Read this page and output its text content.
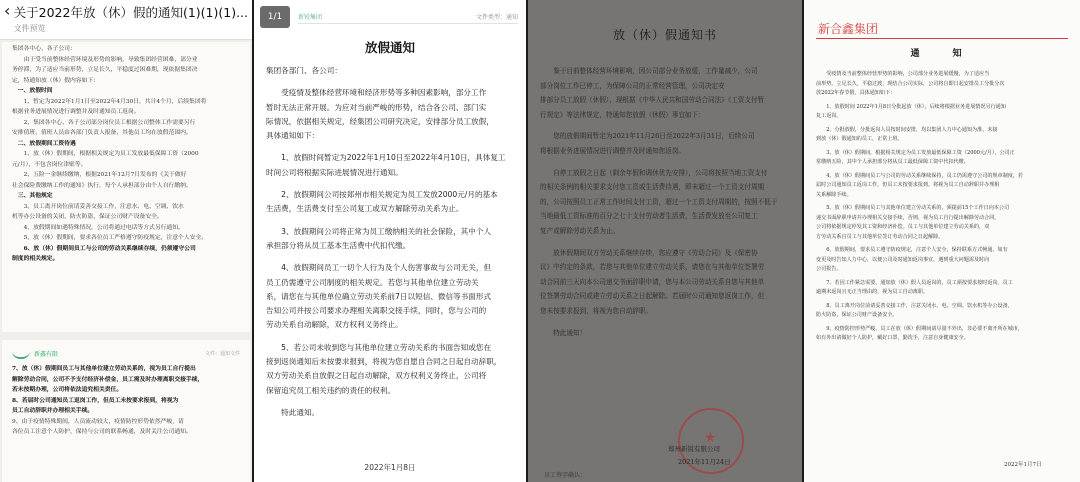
‹ 关于2022年放（休）假的通知(1)(1)(1)...
文件预览
集团各中心、各子公司：
　　由于受当前整体经营环境及形势的影响，导致集团经营困难，部分业
务停滞，为了适应当前形势，立足长久，平稳度过困难期，现依据集团决
定，特通知放（休）假内容如下：
　一、放假时间
　　1、暂定为2022年1月1日至2022年4月30日，共计4个月，后续集团将
根据业务进展情况进行调整并及时通知员工返岗。
　　2、集团各中心、各子公司部分岗位员工根据公司整体工作需要另行
安排值班，值班人员由各部门负责人报备，其他员工均在放假范围内。
　二、放假期间工资待遇
　　1、放（休）假期间，根据相关规定为员工发放最低保障工资（2000
元/月），不包含岗位津贴等。
　　2、五险一金继续缴纳，根据2021年12月7日发布的《关于做好
社会保险费缴纳工作的通知》执行，每个人承担部分由个人自行缴纳。
　三、其他规定
　　3、员工离开岗位前请妥善交接工作，注意水、电、空调、饮水
机等办公设备的关闭，防火防盗，保证公司财产设备安全。
　　4、放假期间如遇特殊情况，公司将通过电话等方式另行通知。
　　5、放（休）假期间，要求各位员工严格遵守防疫规定，注意个人安全。
　　6、放（休）假期间员工与公司的劳动关系继续存续，仍须遵守公司
制度的相关规定。
新鑫有限	文件：通知文件
7、放（休）假期间员工与其他单位建立劳动关系的，视为员工自行提出
解除劳动合同，公司不予支付经济补偿金，员工需及时办理离职交接手续，
若未按期办理，公司将依法追究相关责任。
8、若届时公司通知员工返岗工作，但员工未按要求报到，将视为
员工自动辞职并办理相关手续。
9、由于疫情特殊期间，人员流动较大，疫情防控形势依然严峻，请
各位员工注意个人防护，保持与公司的联系畅通，及时关注公司通知。
1/1	新锐集团	文件类型：通知
放假通知
集团各部门、各公司：
　　受疫情及整体经营环境和经济形势等多种因素影响，部分工作
暂时无法正常开展。为应对当前严峻的形势，结合各公司、部门实
际情况，依据相关规定，经集团公司研究决定，安排部分员工放假，
具体通知如下：
　　1、放假时间暂定为2022年1月10日至2022年4月10日，具体复工
时间公司将根据实际进展情况进行通知。
　　2、放假期间公司按郑州市相关规定为员工发放2000元/月的基本
生活费，生活费支付至公司复工或双方解除劳动关系为止。
　　3、放假期间公司将正常为员工缴纳相关的社会保险，其中个人
承担部分将从员工基本生活费中代扣代缴。
　　4、放假期间员工一切个人行为及个人伤害事故与公司无关，但
员工仍需遵守公司制度的相关规定。若您与其他单位建立劳动关
系，请您在与其他单位确立劳动关系前7日以短信、微信等书面形式
告知公司并按公司要求办理相关离职交接手续，同时，您与公司的
劳动关系自动解除，双方权利义务终止。
　　5、若公司未收到您与其他单位建立劳动关系的书面告知或您在
接到返岗通知后未按要求报到，将视为您自愿自合同之日起自动辞职，
双方劳动关系自放假之日起自动解除，双方权利义务终止，公司将
保留追究员工相关违约的责任的权利。
　　特此通知。
2022年1月8日
放（休）假通知书
　　鉴于目前整体经营环境影响，因公司部分业务放缓，工作量减少，公司
部分岗位工作已停工，为保障公司的正常经营管理，公司决定安
排部分员工放假（休假），现根据《中华人民共和国劳动合同法》《工资支付暂
行规定》等法律规定，特通知您放假（休假）事宜如下：
　　您的放假期间暂定为2021年11月26日至2022年3月31日，后续公司
将根据业务进展情况进行调整并及时通知您返岗。
　　自停工放假之日起（剩余年假和调休优先安排），公司将按照当地工资支付
的相关条例的相关要求支付您工资或生活费待遇，即未超过一个工资支付周期
的，公司按照员工正常工作时间支付工资，超过一个工资支付周期的，按照不低于
当地最低工资标准的百分之七十支付劳动者生活费，生活费发放至公司复工
复产或解除劳动关系为止。
　　放休假期间双方劳动关系继续存续，您应遵守《劳动合同》及《保密协
议》中约定的条款，若您与其他单位建立劳动关系，请您在与其他单位签署劳
动合同前三天向本公司递交书面辞职申请，您与本公司劳动关系自您与其他单
位签署劳动合同或建立劳动关系之日起解除。若届时公司通知您返岗工作，但
您未按要求报到，将视为您自动辞职。
　　特此通知！
★
郑州新锐有限公司
2021年11月24日
员工签字确认：
新合鑫集团
通　知
　　受疫情及当前整体经营形势的影响，公司部分业务进展缓慢，为了适应当
前形势，立足长久，平稳过渡，现结合公司实际，公司将自即日起安排员工分批分次
放2022年春节假，具体通知如下：
　　1、放假时间 2022年1月8日分批起放（休），后续将根据业务进展情况另行通知
复工返岗。
　　2、分批放假，分批返岗人员按时间安排，均以集团人力中心通知为准，未接
到放（休）假通知的员工，正常上班。
　　3、放（休）假期间，根据相关规定为员工发放最低保障工资（2000元/月），公司正
常缴纳五险，其中个人承担部分将从员工最低保障工资中代扣代缴。
　　4、放（休）假期间员工与公司的劳动关系继续保持，员工仍需遵守公司的规章制度，若
届时公司通知员工返岗工作，但员工未按要求报到，将视为员工自动辞职并办理相
关系解除手续。
　　5、放（休）假期间员工与其他单位建立劳动关系的，须提前15个工作日向本公司
递交书面辞职申请并办理相关交接手续，否则，视为员工自行提出解除劳动合同，
公司将依据规定停发其工资和经济补偿。员工与其他单位建立劳动关系的，双
方劳动关系自员工与其他单位签订劳动合同之日起解除。
　　6、放假期间，要求员工遵守防疫规定，注意个人安全，保持联系方式畅通，如有
变更及时告知人力中心，以便公司及时通知返岗事宜，遇到重大问题需及时向
公司报告。
　　7、若因工作紧急需要，通知放（休）假人员返岗的，员工须按要求按时返岗。员工
逾期未返岗且无正当理由的，视为员工自动离职。
　　8、员工离开岗位前请妥善交接工作，注意关闭水、电、空调、饮水机等办公设备，
防火防盗，保证公司财产设备安全。
　　9、疫情防控形势严峻，员工在放（休）假期间请尽量不外出，非必要不离开所在城市，
如有外出请做好个人防护，戴好口罩，勤洗手，注意自身健康安全。
2022年1月7日
